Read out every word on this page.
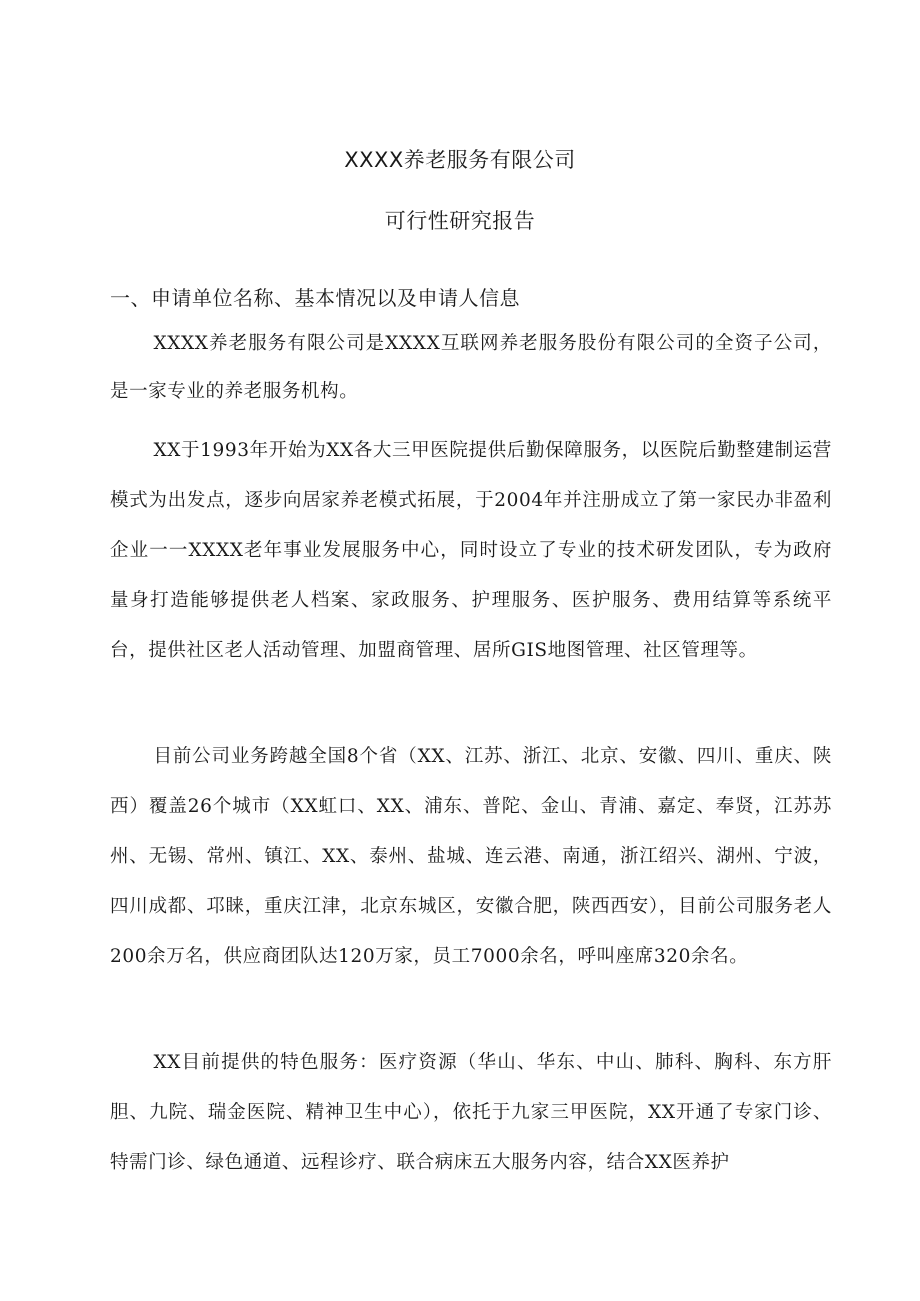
XXXX养老服务有限公司
可行性研究报告
一、申请单位名称、基本情况以及申请人信息

XXXX养老服务有限公司是XXXX互联网养老服务股份有限公司的全资子公司，是一家专业的养老服务机构。

XX于1993年开始为XX各大三甲医院提供后勤保障服务，以医院后勤整建制运营模式为出发点，逐步向居家养老模式拓展，于2004年并注册成立了第一家民办非盈利企业一一XXXX老年事业发展服务中心，同时设立了专业的技术研发团队，专为政府量身打造能够提供老人档案、家政服务、护理服务、医护服务、费用结算等系统平台，提供社区老人活动管理、加盟商管理、居所GIS地图管理、社区管理等。

目前公司业务跨越全国8个省（XX、江苏、浙江、北京、安徽、四川、重庆、陕西）覆盖26个城市（XX虹口、XX、浦东、普陀、金山、青浦、嘉定、奉贤，江苏苏州、无锡、常州、镇江、XX、泰州、盐城、连云港、南通，浙江绍兴、湖州、宁波，四川成都、邛睐，重庆江津，北京东城区，安徽合肥，陕西西安），目前公司服务老人200余万名，供应商团队达120万家，员工7000余名，呼叫座席320余名。

XX目前提供的特色服务：医疗资源（华山、华东、中山、肺科、胸科、东方肝胆、九院、瑞金医院、精神卫生中心），依托于九家三甲医院，XX开通了专家门诊、特需门诊、绿色通道、远程诊疗、联合病床五大服务内容，结合XX医养护
